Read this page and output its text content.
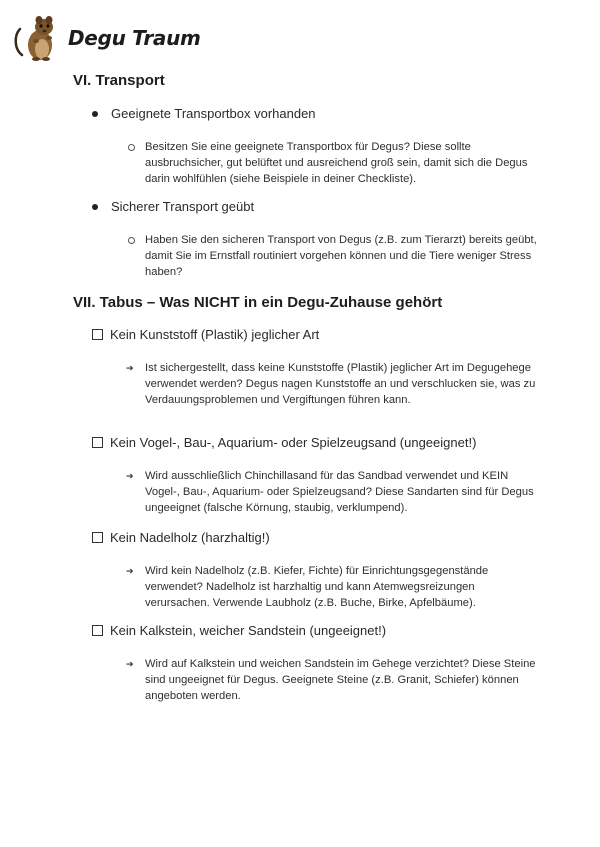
Degu Traum
VI. Transport
Geeignete Transportbox vorhanden
Besitzen Sie eine geeignete Transportbox für Degus? Diese sollte ausbruchsicher, gut belüftet und ausreichend groß sein, damit sich die Degus darin wohlfühlen (siehe Beispiele in deiner Checkliste).
Sicherer Transport geübt
Haben Sie den sicheren Transport von Degus (z.B. zum Tierarzt) bereits geübt, damit Sie im Ernstfall routiniert vorgehen können und die Tiere weniger Stress haben?
VII. Tabus – Was NICHT in ein Degu-Zuhause gehört
Kein Kunststoff (Plastik) jeglicher Art
➔ Ist sichergestellt, dass keine Kunststoffe (Plastik) jeglicher Art im Degugehege verwendet werden? Degus nagen Kunststoffe an und verschlucken sie, was zu Verdauungsproblemen und Vergiftungen führen kann.
Kein Vogel-, Bau-, Aquarium- oder Spielzeugsand (ungeeignet!)
➔ Wird ausschließlich Chinchillasand für das Sandbad verwendet und KEIN Vogel-, Bau-, Aquarium- oder Spielzeugsand? Diese Sandarten sind für Degus ungeeignet (falsche Körnung, staubig, verklumpend).
Kein Nadelholz (harzhaltig!)
➔ Wird kein Nadelholz (z.B. Kiefer, Fichte) für Einrichtungsgegenstände verwendet? Nadelholz ist harzhaltig und kann Atemwegsreizungen verursachen. Verwende Laubholz (z.B. Buche, Birke, Apfelbäume).
Kein Kalkstein, weicher Sandstein (ungeeignet!)
➔ Wird auf Kalkstein und weichen Sandstein im Gehege verzichtet? Diese Steine sind ungeeignet für Degus. Geeignete Steine (z.B. Granit, Schiefer) können angeboten werden.
